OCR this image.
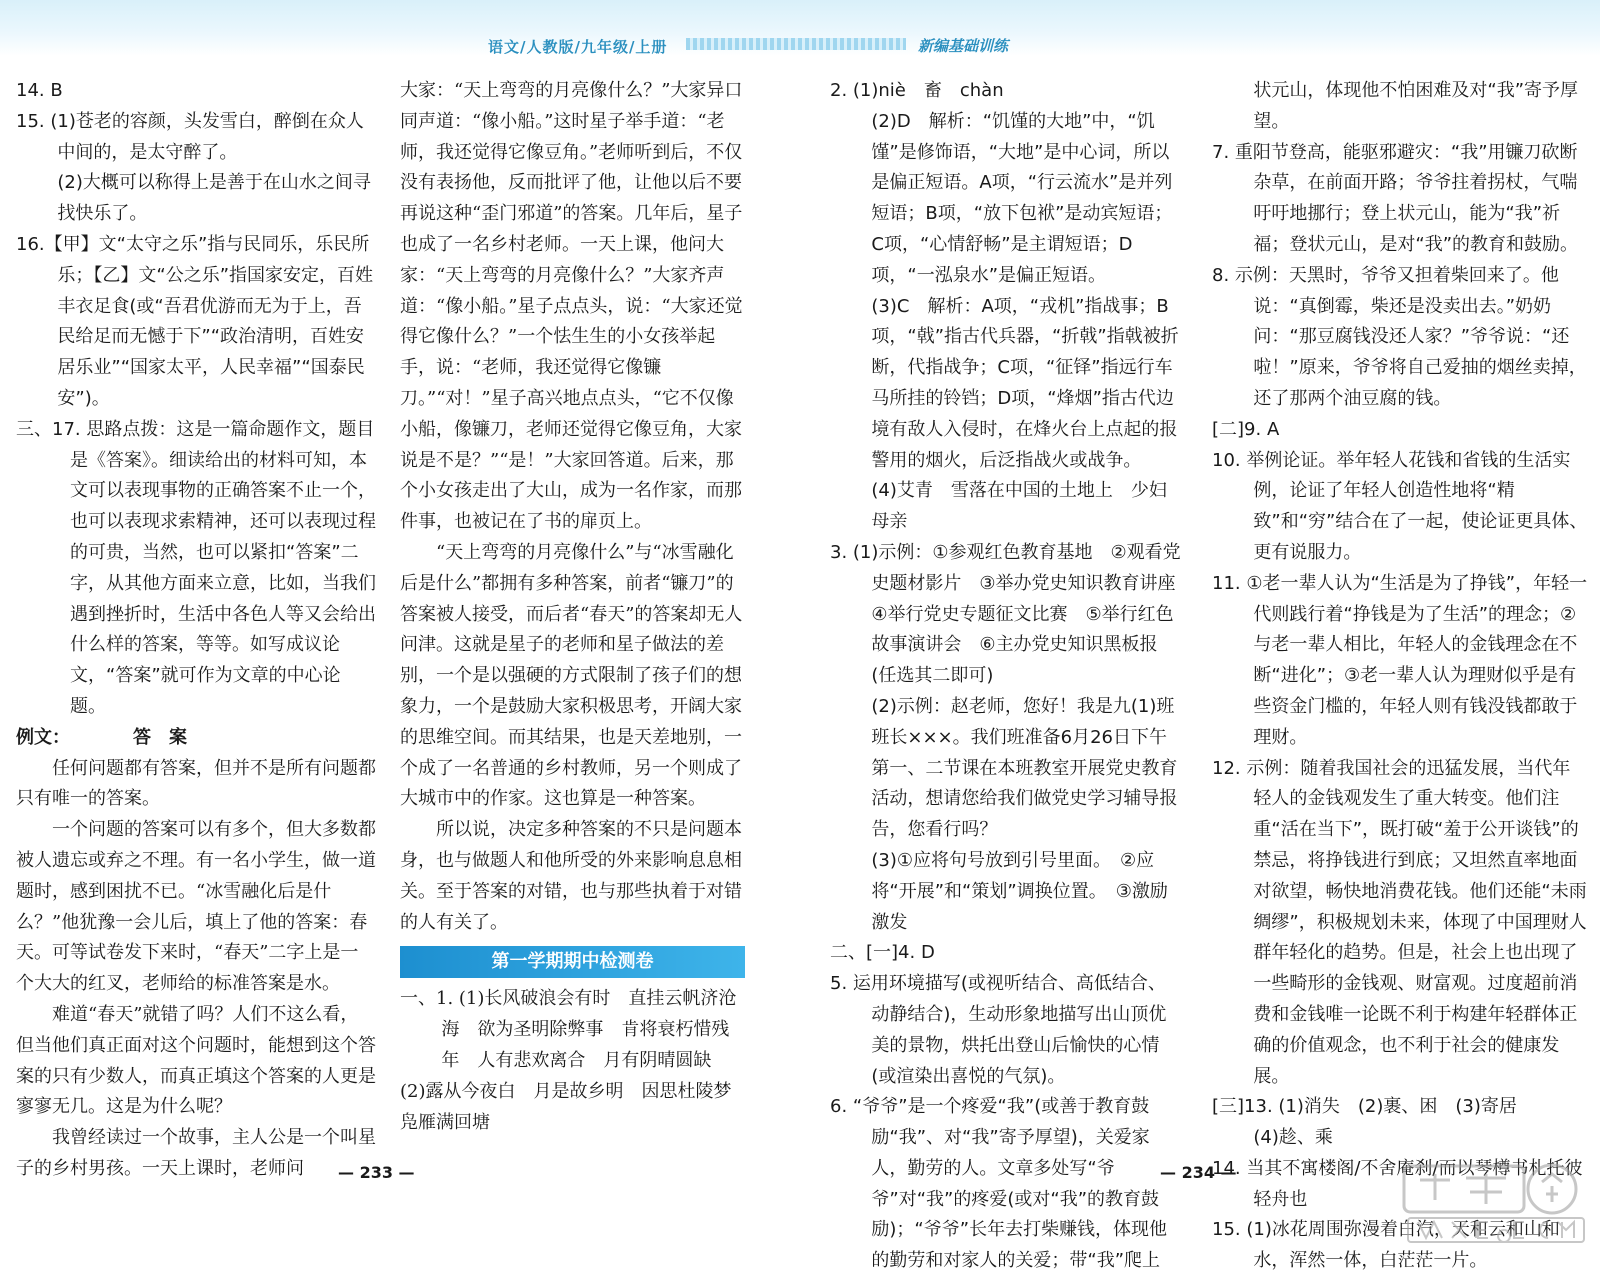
语文/人教版/九年级/上册	新编基础训练

14. B

15. (1)苍老的容颜，头发雪白，醉倒在众人中间的，是太守醉了。

(2)大概可以称得上是善于在山水之间寻找快乐了。

16.【甲】文“太守之乐”指与民同乐，乐民所乐；【乙】文“公之乐”指国家安定，百姓丰衣足食(或“吾君优游而无为于上，吾民给足而无憾于下”“政治清明，百姓安居乐业”“国家太平，人民幸福”“国泰民安”)。

三、17. 思路点拨：这是一篇命题作文，题目是《答案》。细读给出的材料可知，本文可以表现事物的正确答案不止一个，也可以表现求索精神，还可以表现过程的可贵，当然，也可以紧扣“答案”二字，从其他方面来立意，比如，当我们遇到挫折时，生活中各色人等又会给出什么样的答案，等等。如写成议论文，“答案”就可作为文章的中心论题。

例文：　　　　答　案

任何问题都有答案，但并不是所有问题都只有唯一的答案。

一个问题的答案可以有多个，但大多数都被人遗忘或弃之不理。有一名小学生，做一道题时，感到困扰不已。“冰雪融化后是什么？”他犹豫一会儿后，填上了他的答案：春天。可等试卷发下来时，“春天”二字上是一个大大的红叉，老师给的标准答案是水。

难道“春天”就错了吗？人们不这么看，但当他们真正面对这个问题时，能想到这个答案的只有少数人，而真正填这个答案的人更是寥寥无几。这是为什么呢？

我曾经读过一个故事，主人公是一个叫星子的乡村男孩。一天上课时，老师问

大家：“天上弯弯的月亮像什么？”大家异口同声道：“像小船。”这时星子举手道：“老师，我还觉得它像豆角。”老师听到后，不仅没有表扬他，反而批评了他，让他以后不要再说这种“歪门邪道”的答案。几年后，星子也成了一名乡村老师。一天上课，他问大家：“天上弯弯的月亮像什么？”大家齐声道：“像小船。”星子点点头，说：“大家还觉得它像什么？”一个怯生生的小女孩举起手，说：“老师，我还觉得它像镰刀。”“对！”星子高兴地点点头，“它不仅像小船，像镰刀，老师还觉得它像豆角，大家说是不是？”“是！”大家回答道。后来，那个小女孩走出了大山，成为一名作家，而那件事，也被记在了书的扉页上。

“天上弯弯的月亮像什么”与“冰雪融化后是什么”都拥有多种答案，前者“镰刀”的答案被人接受，而后者“春天”的答案却无人问津。这就是星子的老师和星子做法的差别，一个是以强硬的方式限制了孩子们的想象力，一个是鼓励大家积极思考，开阔大家的思维空间。而其结果，也是天差地别，一个成了一名普通的乡村教师，另一个则成了大城市中的作家。这也算是一种答案。

所以说，决定多种答案的不只是问题本身，也与做题人和他所受的外来影响息息相关。至于答案的对错，也与那些执着于对错的人有关了。

第一学期期中检测卷

一、1. (1)长风破浪会有时　直挂云帆济沧海　欲为圣明除弊事　肯将衰朽惜残年　人有悲欢离合　月有阴晴圆缺

(2)露从今夜白　月是故乡明　因思杜陵梦　凫雁满回塘

2. (1)niè　畜　chàn

(2)D　解析：“饥馑的大地”中，“饥馑”是修饰语，“大地”是中心词，所以是偏正短语。A项，“行云流水”是并列短语；B项，“放下包袱”是动宾短语；C项，“心情舒畅”是主谓短语；D项，“一泓泉水”是偏正短语。

(3)C　解析：A项，“戎机”指战事；B项，“戟”指古代兵器，“折戟”指戟被折断，代指战争；C项，“征铎”指远行车马所挂的铃铛；D项，“烽烟”指古代边境有敌人入侵时，在烽火台上点起的报警用的烟火，后泛指战火或战争。

(4)艾青　雪落在中国的土地上　少妇　母亲

3. (1)示例：①参观红色教育基地　②观看党史题材影片　③举办党史知识教育讲座　④举行党史专题征文比赛　⑤举行红色故事演讲会　⑥主办党史知识黑板报(任选其二即可)

(2)示例：赵老师，您好！我是九(1)班班长×××。我们班准备6月26日下午第一、二节课在本班教室开展党史教育活动，想请您给我们做党史学习辅导报告，您看行吗？

(3)①应将句号放到引号里面。　②应将“开展”和“策划”调换位置。　③激励　激发

二、[一]4. D

5. 运用环境描写(或视听结合、高低结合、动静结合)，生动形象地描写出山顶优美的景物，烘托出登山后愉快的心情(或渲染出喜悦的气氛)。

6. “爷爷”是一个疼爱“我”(或善于教育鼓励“我”、对“我”寄予厚望)，关爱家人，勤劳的人。文章多处写“爷爷”对“我”的疼爱(或对“我”的教育鼓励)；“爷爷”长年去打柴赚钱，体现他的勤劳和对家人的关爱；带“我”爬上

状元山，体现他不怕困难及对“我”寄予厚望。

7. 重阳节登高，能驱邪避灾：“我”用镰刀砍断杂草，在前面开路；爷爷拄着拐杖，气喘吁吁地挪行；登上状元山，能为“我”祈福；登状元山，是对“我”的教育和鼓励。

8. 示例：天黑时，爷爷又担着柴回来了。他说：“真倒霉，柴还是没卖出去。”奶奶问：“那豆腐钱没还人家？”爷爷说：“还啦！”原来，爷爷将自己爱抽的烟丝卖掉，还了那两个油豆腐的钱。

[二]9. A

10. 举例论证。举年轻人花钱和省钱的生活实例，论证了年轻人创造性地将“精致”和“穷”结合在了一起，使论证更具体、更有说服力。

11. ①老一辈人认为“生活是为了挣钱”，年轻一代则践行着“挣钱是为了生活”的理念；②与老一辈人相比，年轻人的金钱理念在不断“进化”；③老一辈人认为理财似乎是有些资金门槛的，年轻人则有钱没钱都敢于理财。

12. 示例：随着我国社会的迅猛发展，当代年轻人的金钱观发生了重大转变。他们注重“活在当下”，既打破“羞于公开谈钱”的禁忌，将挣钱进行到底；又坦然直率地面对欲望，畅快地消费花钱。他们还能“未雨绸缪”，积极规划未来，体现了中国理财人群年轻化的趋势。但是，社会上也出现了一些畸形的金钱观、财富观。过度超前消费和金钱唯一论既不利于构建年轻群体正确的价值观念，也不利于社会的健康发展。

[三]13. (1)消失　(2)裹、困　(3)寄居

(4)趁、乘

14. 当其不寓楼阁/不舍庵刹/而以琴樽书札托彼轻舟也

15. (1)冰花周围弥漫着白汽，天和云和山和水，浑然一体，白茫茫一片。

— 233 —	— 234 —
